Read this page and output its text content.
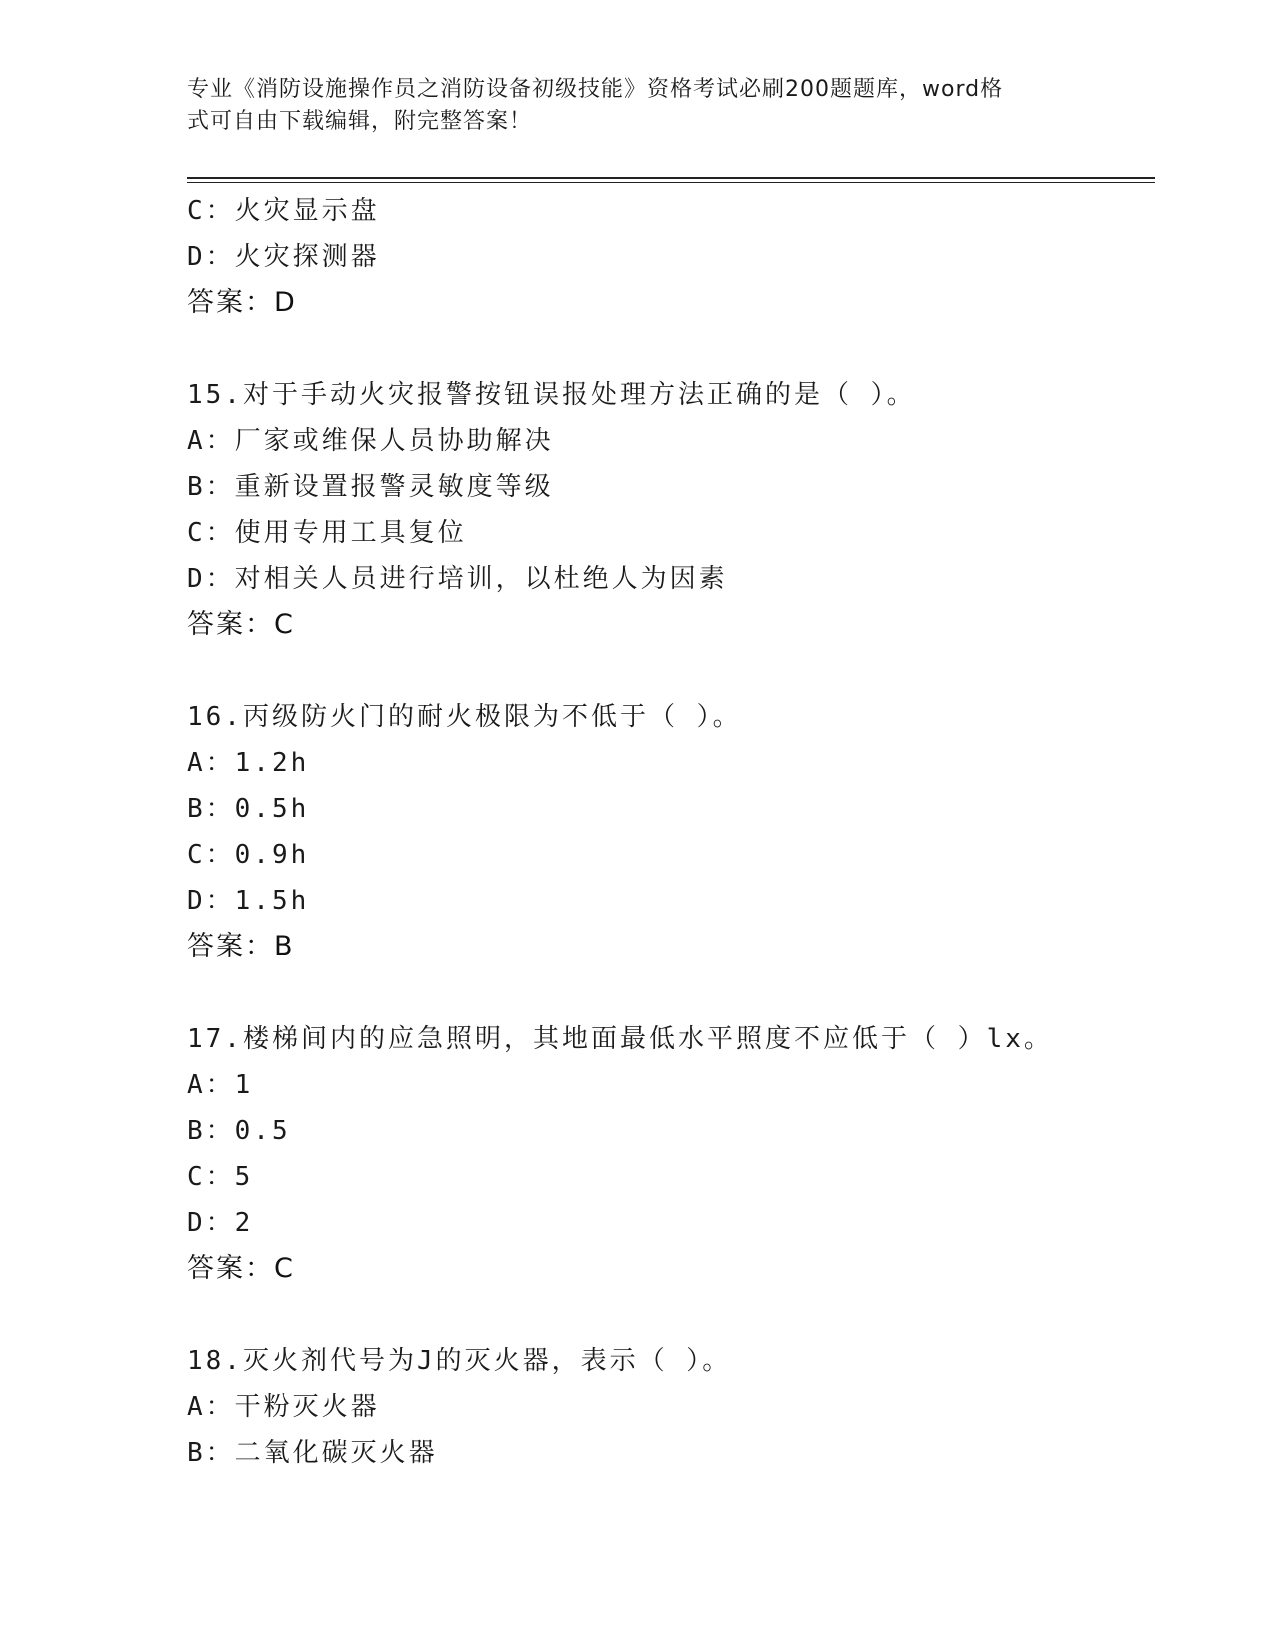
专业《消防设施操作员之消防设备初级技能》资格考试必刷200题题库，word格
式可自由下载编辑，附完整答案！
C：火灾显示盘
D：火灾探测器
答案：D
15.对于手动火灾报警按钮误报处理方法正确的是（ ）。
A：厂家或维保人员协助解决
B：重新设置报警灵敏度等级
C：使用专用工具复位
D：对相关人员进行培训，以杜绝人为因素
答案：C
16.丙级防火门的耐火极限为不低于（ ）。
A：1.2h
B：0.5h
C：0.9h
D：1.5h
答案：B
17.楼梯间内的应急照明，其地面最低水平照度不应低于（ ）lx。
A：1
B：0.5
C：5
D：2
答案：C
18.灭火剂代号为J的灭火器，表示（ ）。
A：干粉灭火器
B：二氧化碳灭火器
